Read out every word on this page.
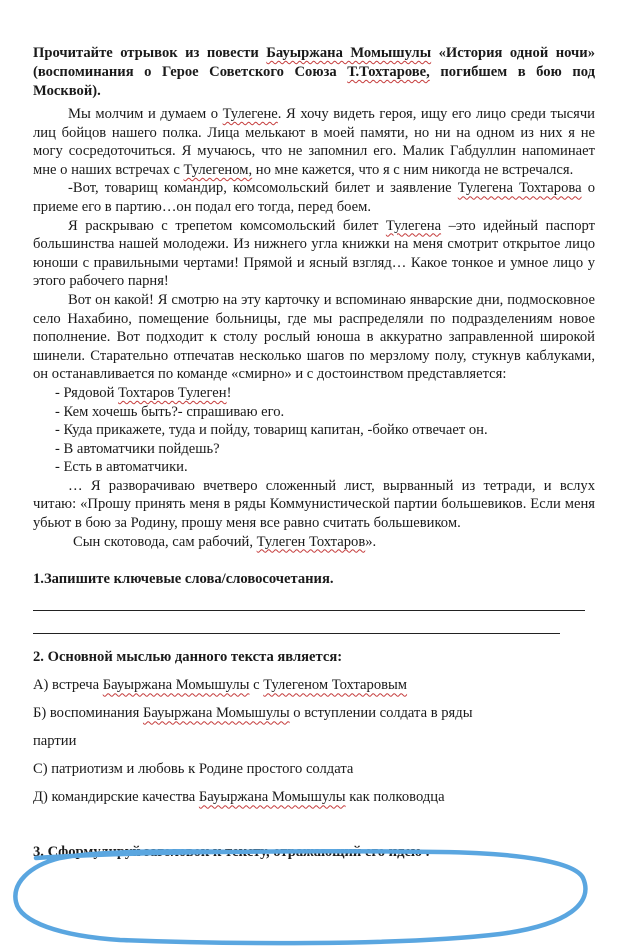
Прочитайте отрывок из повести Бауыржана Момышулы «История одной ночи» (воспоминания о Герое Советского Союза Т.Тохтарове, погибшем в бою под Москвой).

Мы молчим и думаем о Тулегене. Я хочу видеть героя, ищу его лицо среди тысячи лиц бойцов нашего полка. Лица мелькают в моей памяти, но ни на одном из них я не могу сосредоточиться. Я мучаюсь, что не запомнил его. Малик Габдуллин напоминает мне о наших встречах с Тулегеном, но мне кажется, что я с ним никогда не встречался.

-Вот, товарищ командир, комсомольский билет и заявление Тулегена Тохтарова о приеме его в партию…он подал его тогда, перед боем.

Я раскрываю с трепетом комсомольский билет Тулегена –это идейный паспорт большинства нашей молодежи. Из нижнего угла книжки на меня смотрит открытое лицо юноши с правильными чертами! Прямой и ясный взгляд… Какое тонкое и умное лицо у этого рабочего парня!

Вот он какой! Я смотрю на эту карточку и вспоминаю январские дни, подмосковное село Нахабино, помещение больницы, где мы распределяли по подразделениям новое пополнение. Вот подходит к столу рослый юноша в аккуратно заправленной широкой шинели. Старательно отпечатав несколько шагов по мерзлому полу, стукнув каблуками, он останавливается по команде «смирно» и с достоинством представляется:

- Рядовой Тохтаров Тулеген!

- Кем хочешь быть?- спрашиваю его.

- Куда прикажете, туда и пойду, товарищ капитан, -бойко отвечает он.

- В автоматчики пойдешь?

- Есть в автоматчики.

… Я разворачиваю вчетверо сложенный лист, вырванный из тетради, и вслух читаю: «Прошу принять меня в ряды Коммунистической партии большевиков. Если меня убьют в бою за Родину, прошу меня все равно считать большевиком.

Сын скотовода, сам рабочий, Тулеген Тохтаров».

1.Запишите ключевые слова/словосочетания.
2. Основной мыслью данного текста является:
А) встреча Бауыржана Момышулы с Тулегеном Тохтаровым
Б) воспоминания Бауыржана Момышулы о вступлении солдата в ряды
партии
С) патриотизм и любовь к Родине простого солдата
Д) командирские качества Бауыржана Момышулы как полководца
3. Сформулируй заголовок к тексту, отражающий его идею .
